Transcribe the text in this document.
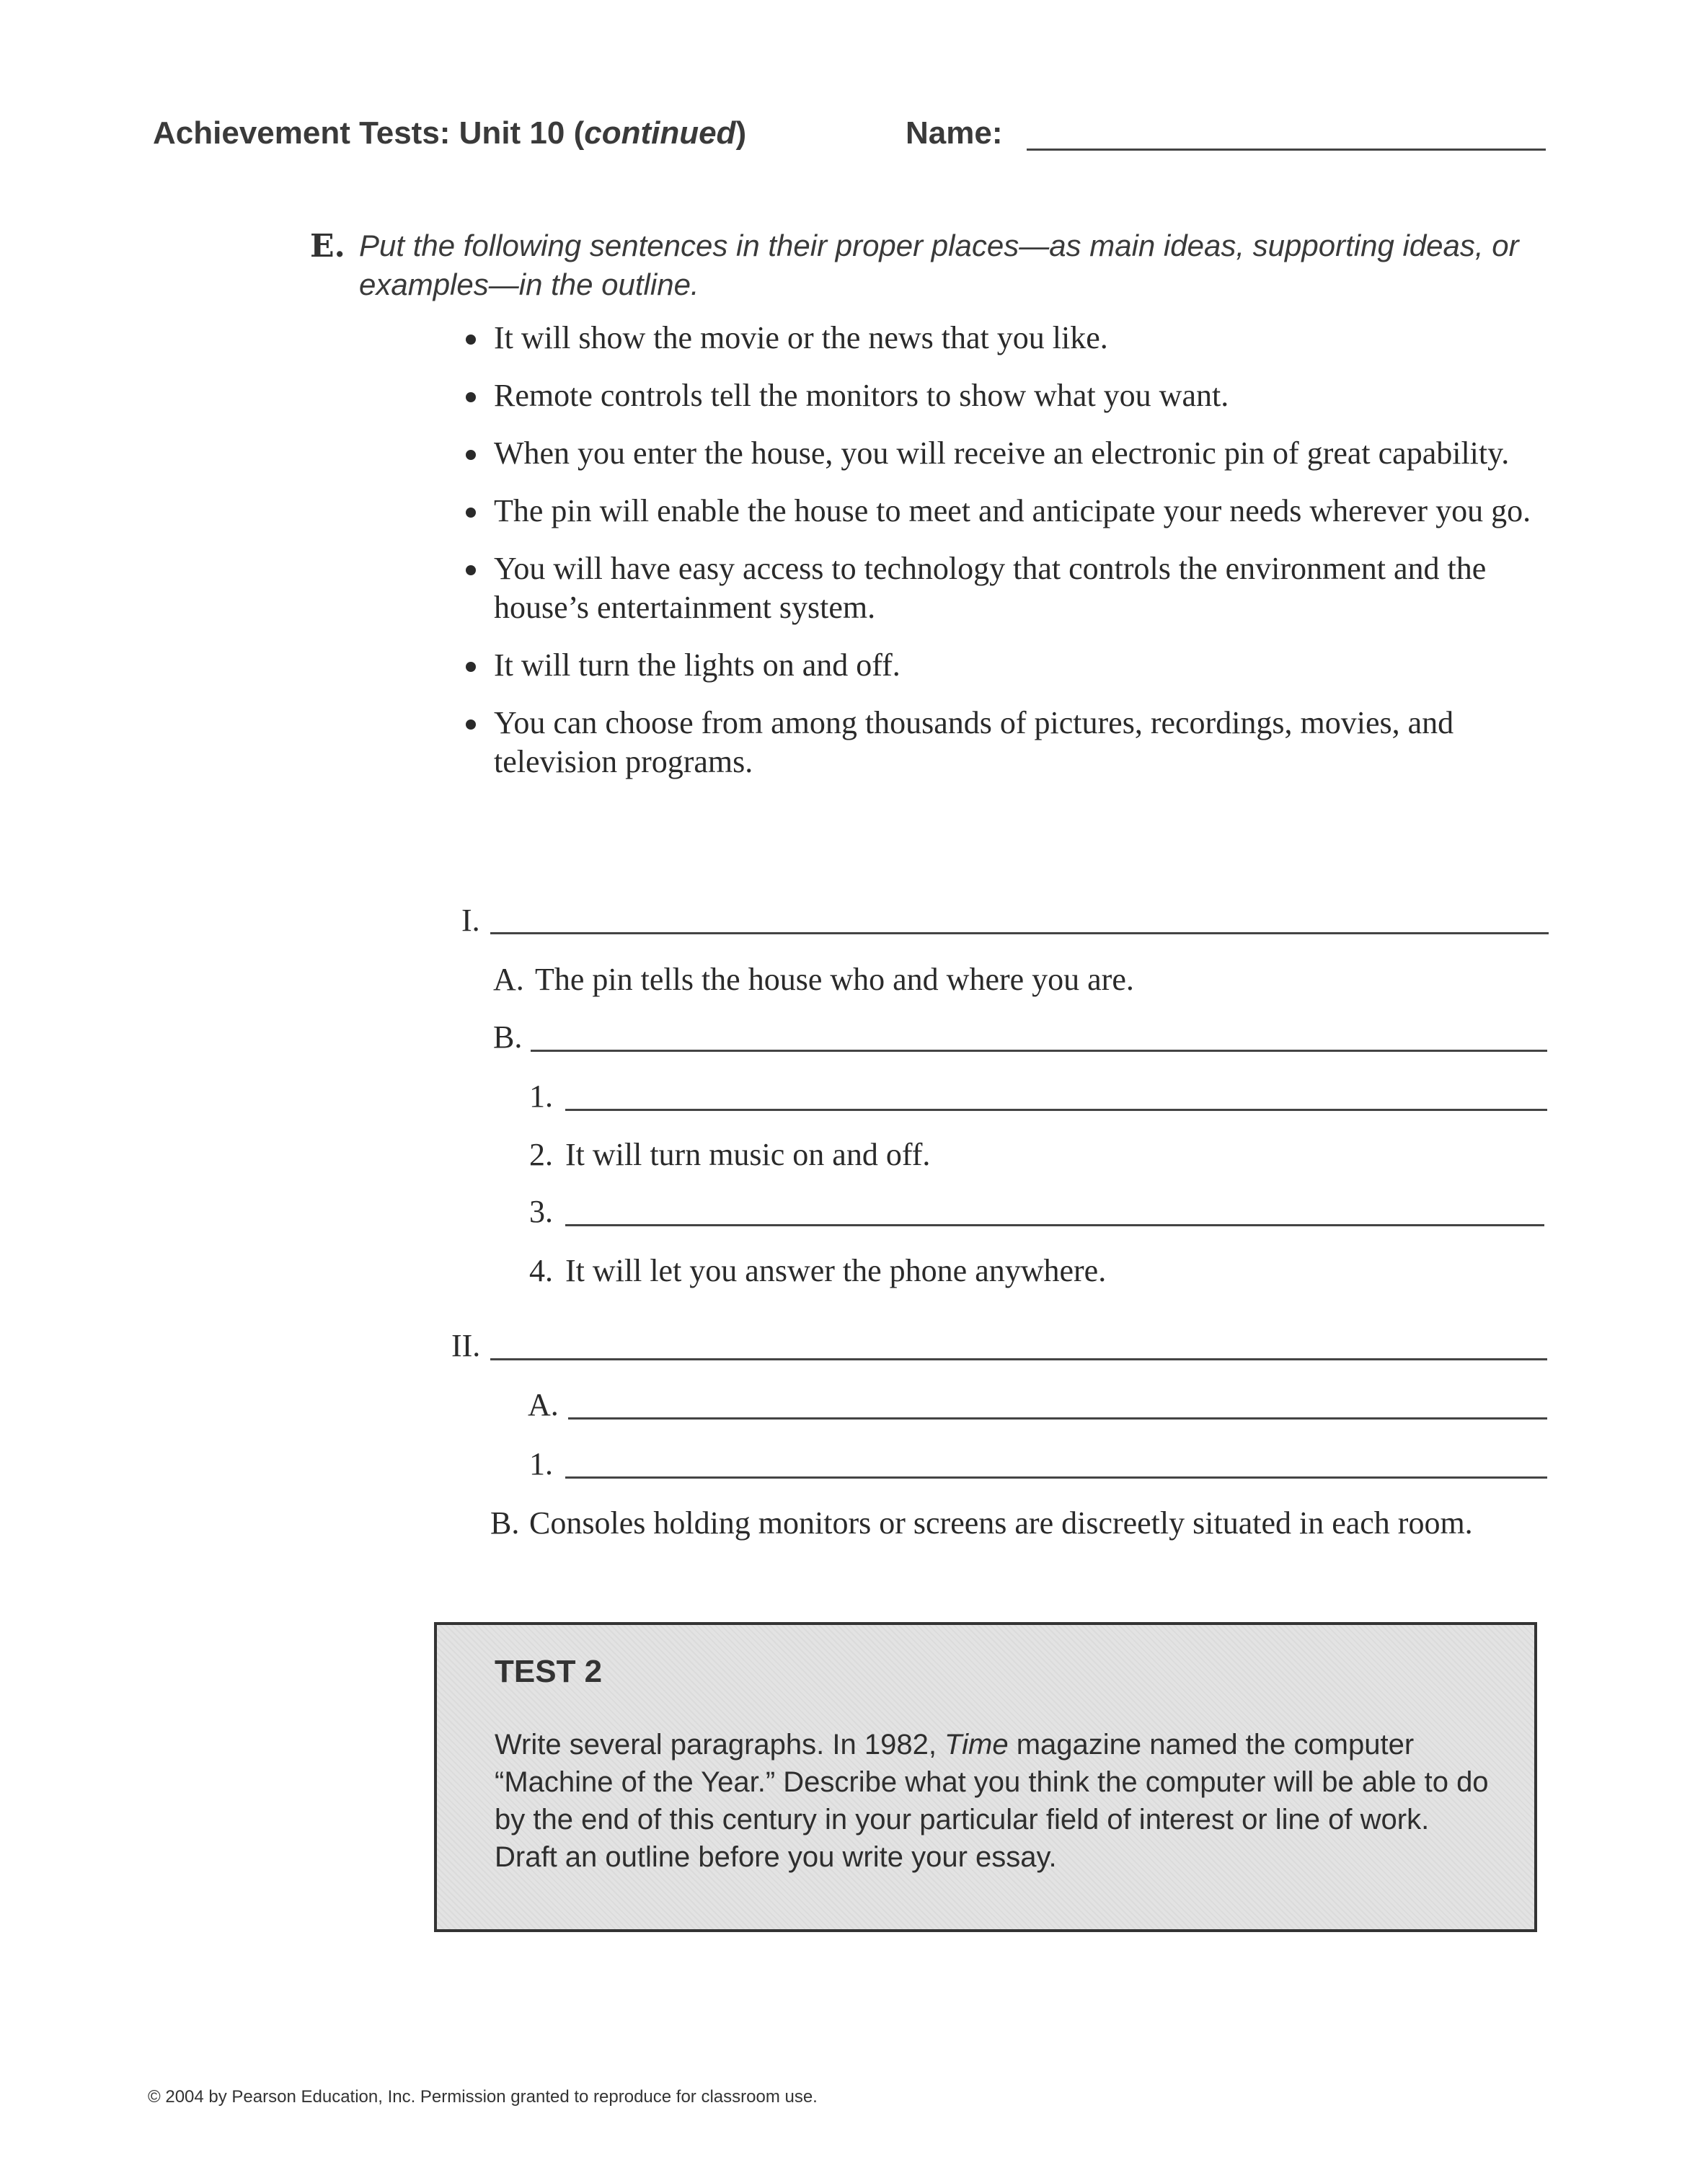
Achievement Tests: Unit 10 (continued)	Name:
E. Put the following sentences in their proper places—as main ideas, supporting ideas, or
examples—in the outline.
It will show the movie or the news that you like.
Remote controls tell the monitors to show what you want.
When you enter the house, you will receive an electronic pin of great capability.
The pin will enable the house to meet and anticipate your needs wherever you go.
You will have easy access to technology that controls the environment and the house’s entertainment system.
It will turn the lights on and off.
You can choose from among thousands of pictures, recordings, movies, and television programs.
I.
A. The pin tells the house who and where you are.
B.
1.
2. It will turn music on and off.
3.
4. It will let you answer the phone anywhere.
II.
A.
1.
B. Consoles holding monitors or screens are discreetly situated in each room.
TEST 2
Write several paragraphs. In 1982, Time magazine named the computer “Machine of the Year.” Describe what you think the computer will be able to do by the end of this century in your particular field of interest or line of work. Draft an outline before you write your essay.
© 2004 by Pearson Education, Inc. Permission granted to reproduce for classroom use.
